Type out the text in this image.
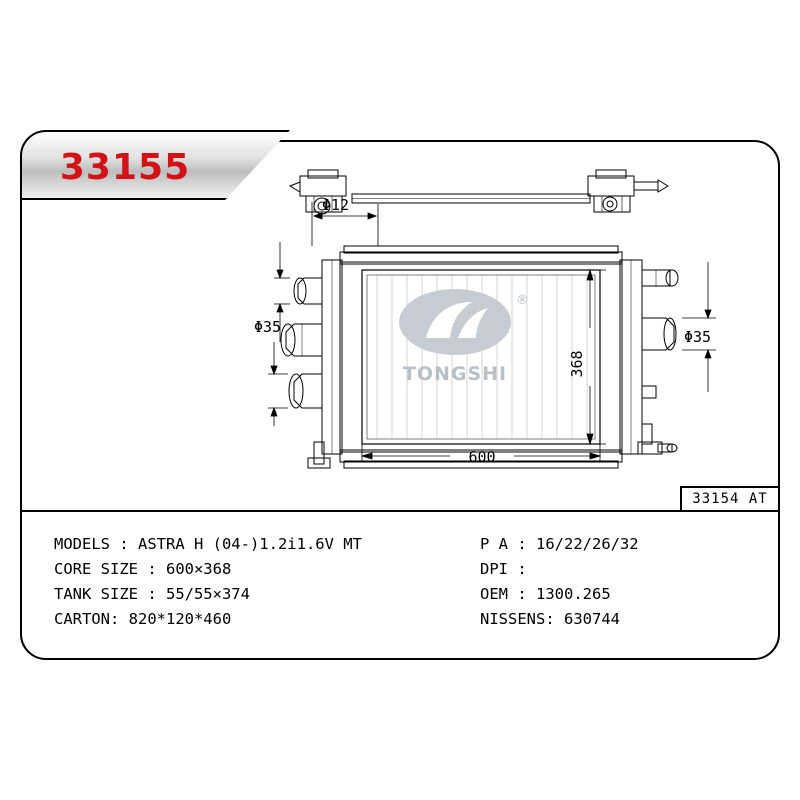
33155
Φ12
Φ35
Φ35
368
600
®
TONGSHI
33154 AT
MODELS : ASTRA H (04-)1.2i1.6V MT
CORE SIZE : 600×368
TANK SIZE : 55/55×374
CARTON: 820*120*460
P A : 16/22/26/32
DPI :
OEM : 1300.265
NISSENS: 630744
